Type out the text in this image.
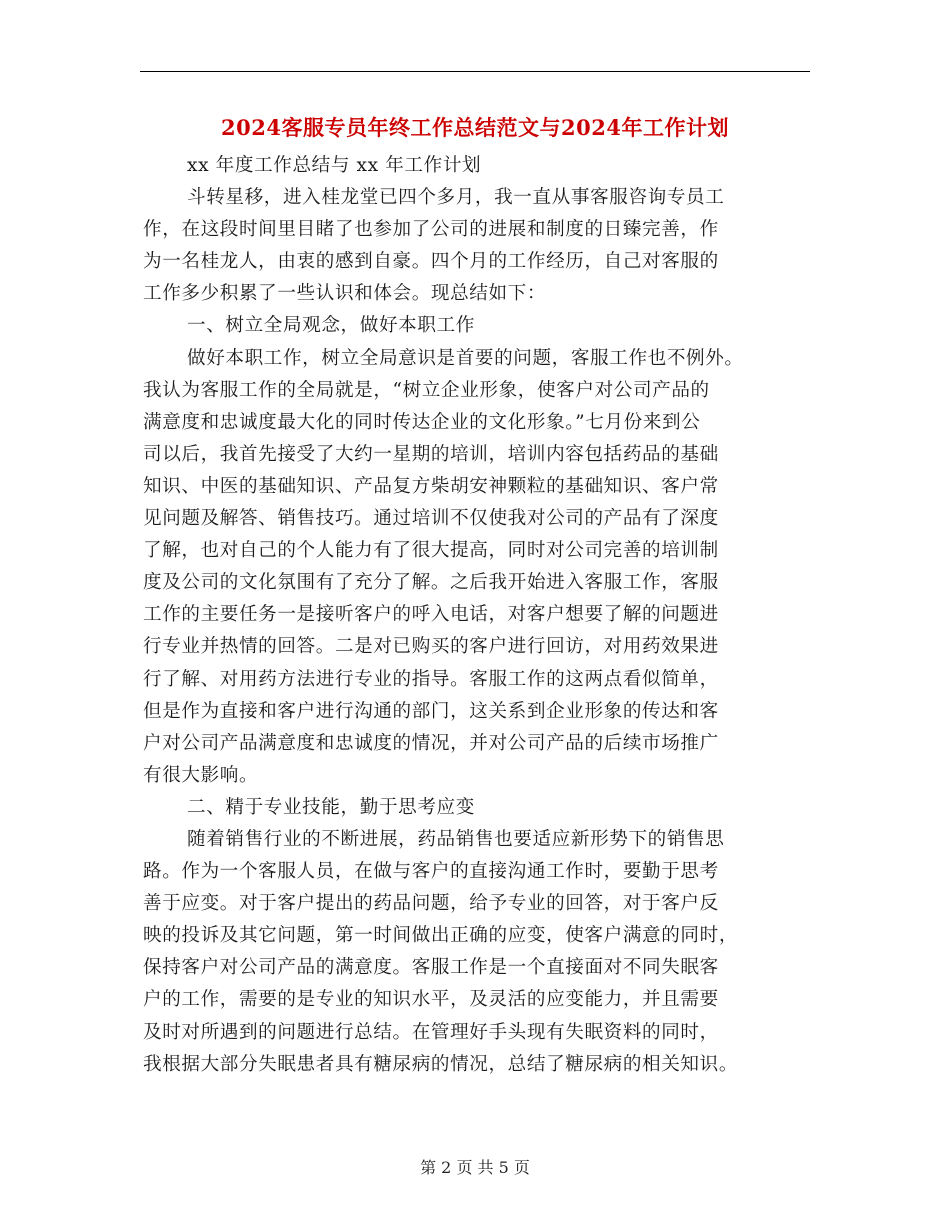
2024客服专员年终工作总结范文与2024年工作计划
xx 年度工作总结与 xx 年工作计划
斗转星移，进入桂龙堂已四个多月，我一直从事客服咨询专员工
作，在这段时间里目睹了也参加了公司的进展和制度的日臻完善，作
为一名桂龙人，由衷的感到自豪。四个月的工作经历，自己对客服的
工作多少积累了一些认识和体会。现总结如下：
一、树立全局观念，做好本职工作
做好本职工作，树立全局意识是首要的问题，客服工作也不例外。
我认为客服工作的全局就是，“树立企业形象，使客户对公司产品的
满意度和忠诚度最大化的同时传达企业的文化形象。”七月份来到公
司以后，我首先接受了大约一星期的培训，培训内容包括药品的基础
知识、中医的基础知识、产品复方柴胡安神颗粒的基础知识、客户常
见问题及解答、销售技巧。通过培训不仅使我对公司的产品有了深度
了解，也对自己的个人能力有了很大提高，同时对公司完善的培训制
度及公司的文化氛围有了充分了解。之后我开始进入客服工作，客服
工作的主要任务一是接听客户的呼入电话，对客户想要了解的问题进
行专业并热情的回答。二是对已购买的客户进行回访，对用药效果进
行了解、对用药方法进行专业的指导。客服工作的这两点看似简单，
但是作为直接和客户进行沟通的部门，这关系到企业形象的传达和客
户对公司产品满意度和忠诚度的情况，并对公司产品的后续市场推广
有很大影响。
二、精于专业技能，勤于思考应变
随着销售行业的不断进展，药品销售也要适应新形势下的销售思
路。作为一个客服人员，在做与客户的直接沟通工作时，要勤于思考
善于应变。对于客户提出的药品问题，给予专业的回答，对于客户反
映的投诉及其它问题，第一时间做出正确的应变，使客户满意的同时，
保持客户对公司产品的满意度。客服工作是一个直接面对不同失眠客
户的工作，需要的是专业的知识水平，及灵活的应变能力，并且需要
及时对所遇到的问题进行总结。在管理好手头现有失眠资料的同时，
我根据大部分失眠患者具有糖尿病的情况，总结了糖尿病的相关知识。
第 2 页 共 5 页
